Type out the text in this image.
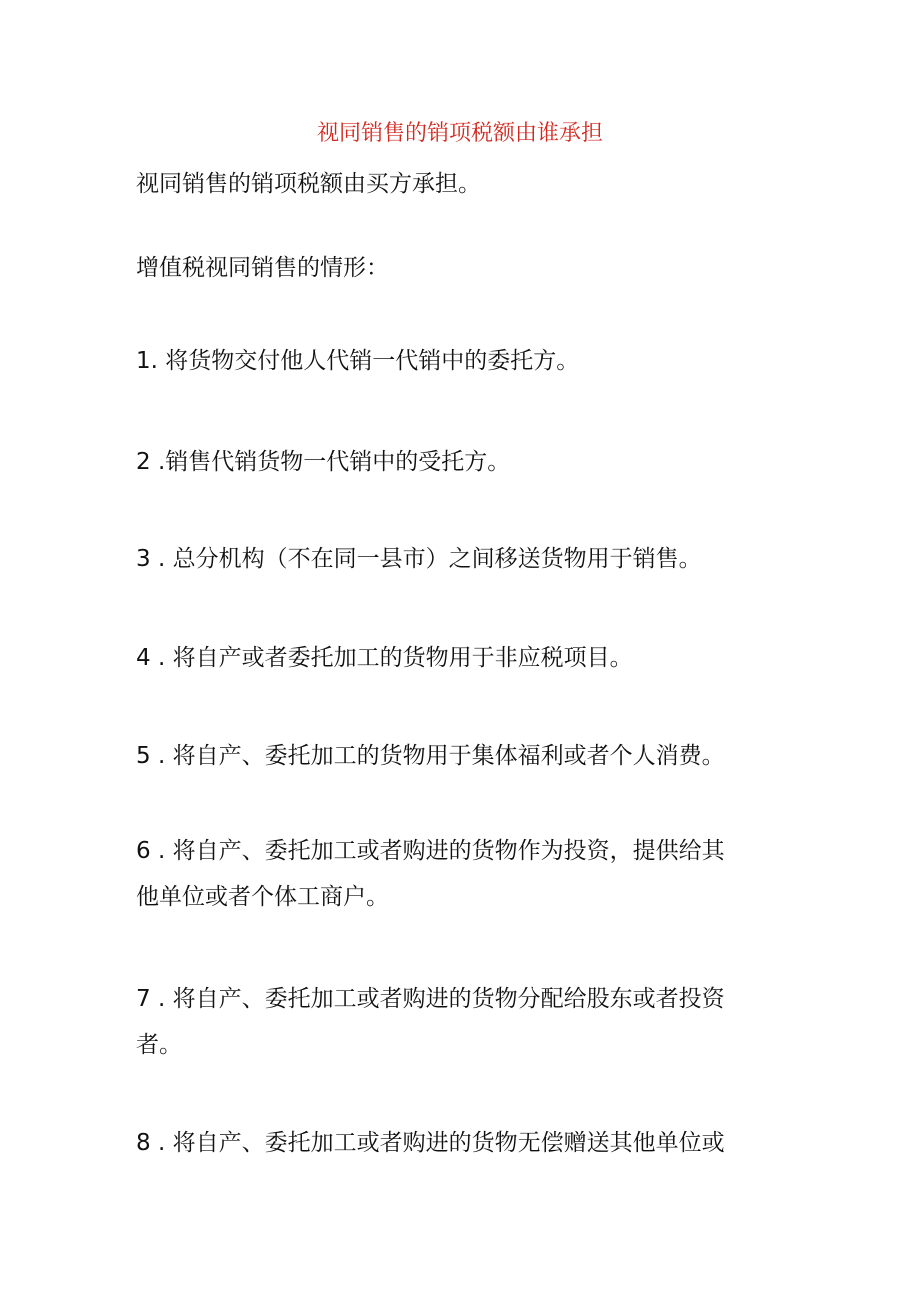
视同销售的销项税额由谁承担

视同销售的销项税额由买方承担。

增值税视同销售的情形：

1. 将货物交付他人代销一代销中的委托方。

2 .销售代销货物一代销中的受托方。

3 . 总分机构（不在同一县市）之间移送货物用于销售。

4 . 将自产或者委托加工的货物用于非应税项目。

5 . 将自产、委托加工的货物用于集体福利或者个人消费。

6 . 将自产、委托加工或者购进的货物作为投资，提供给其
他单位或者个体工商户。

7 . 将自产、委托加工或者购进的货物分配给股东或者投资
者。

8 . 将自产、委托加工或者购进的货物无偿赠送其他单位或
